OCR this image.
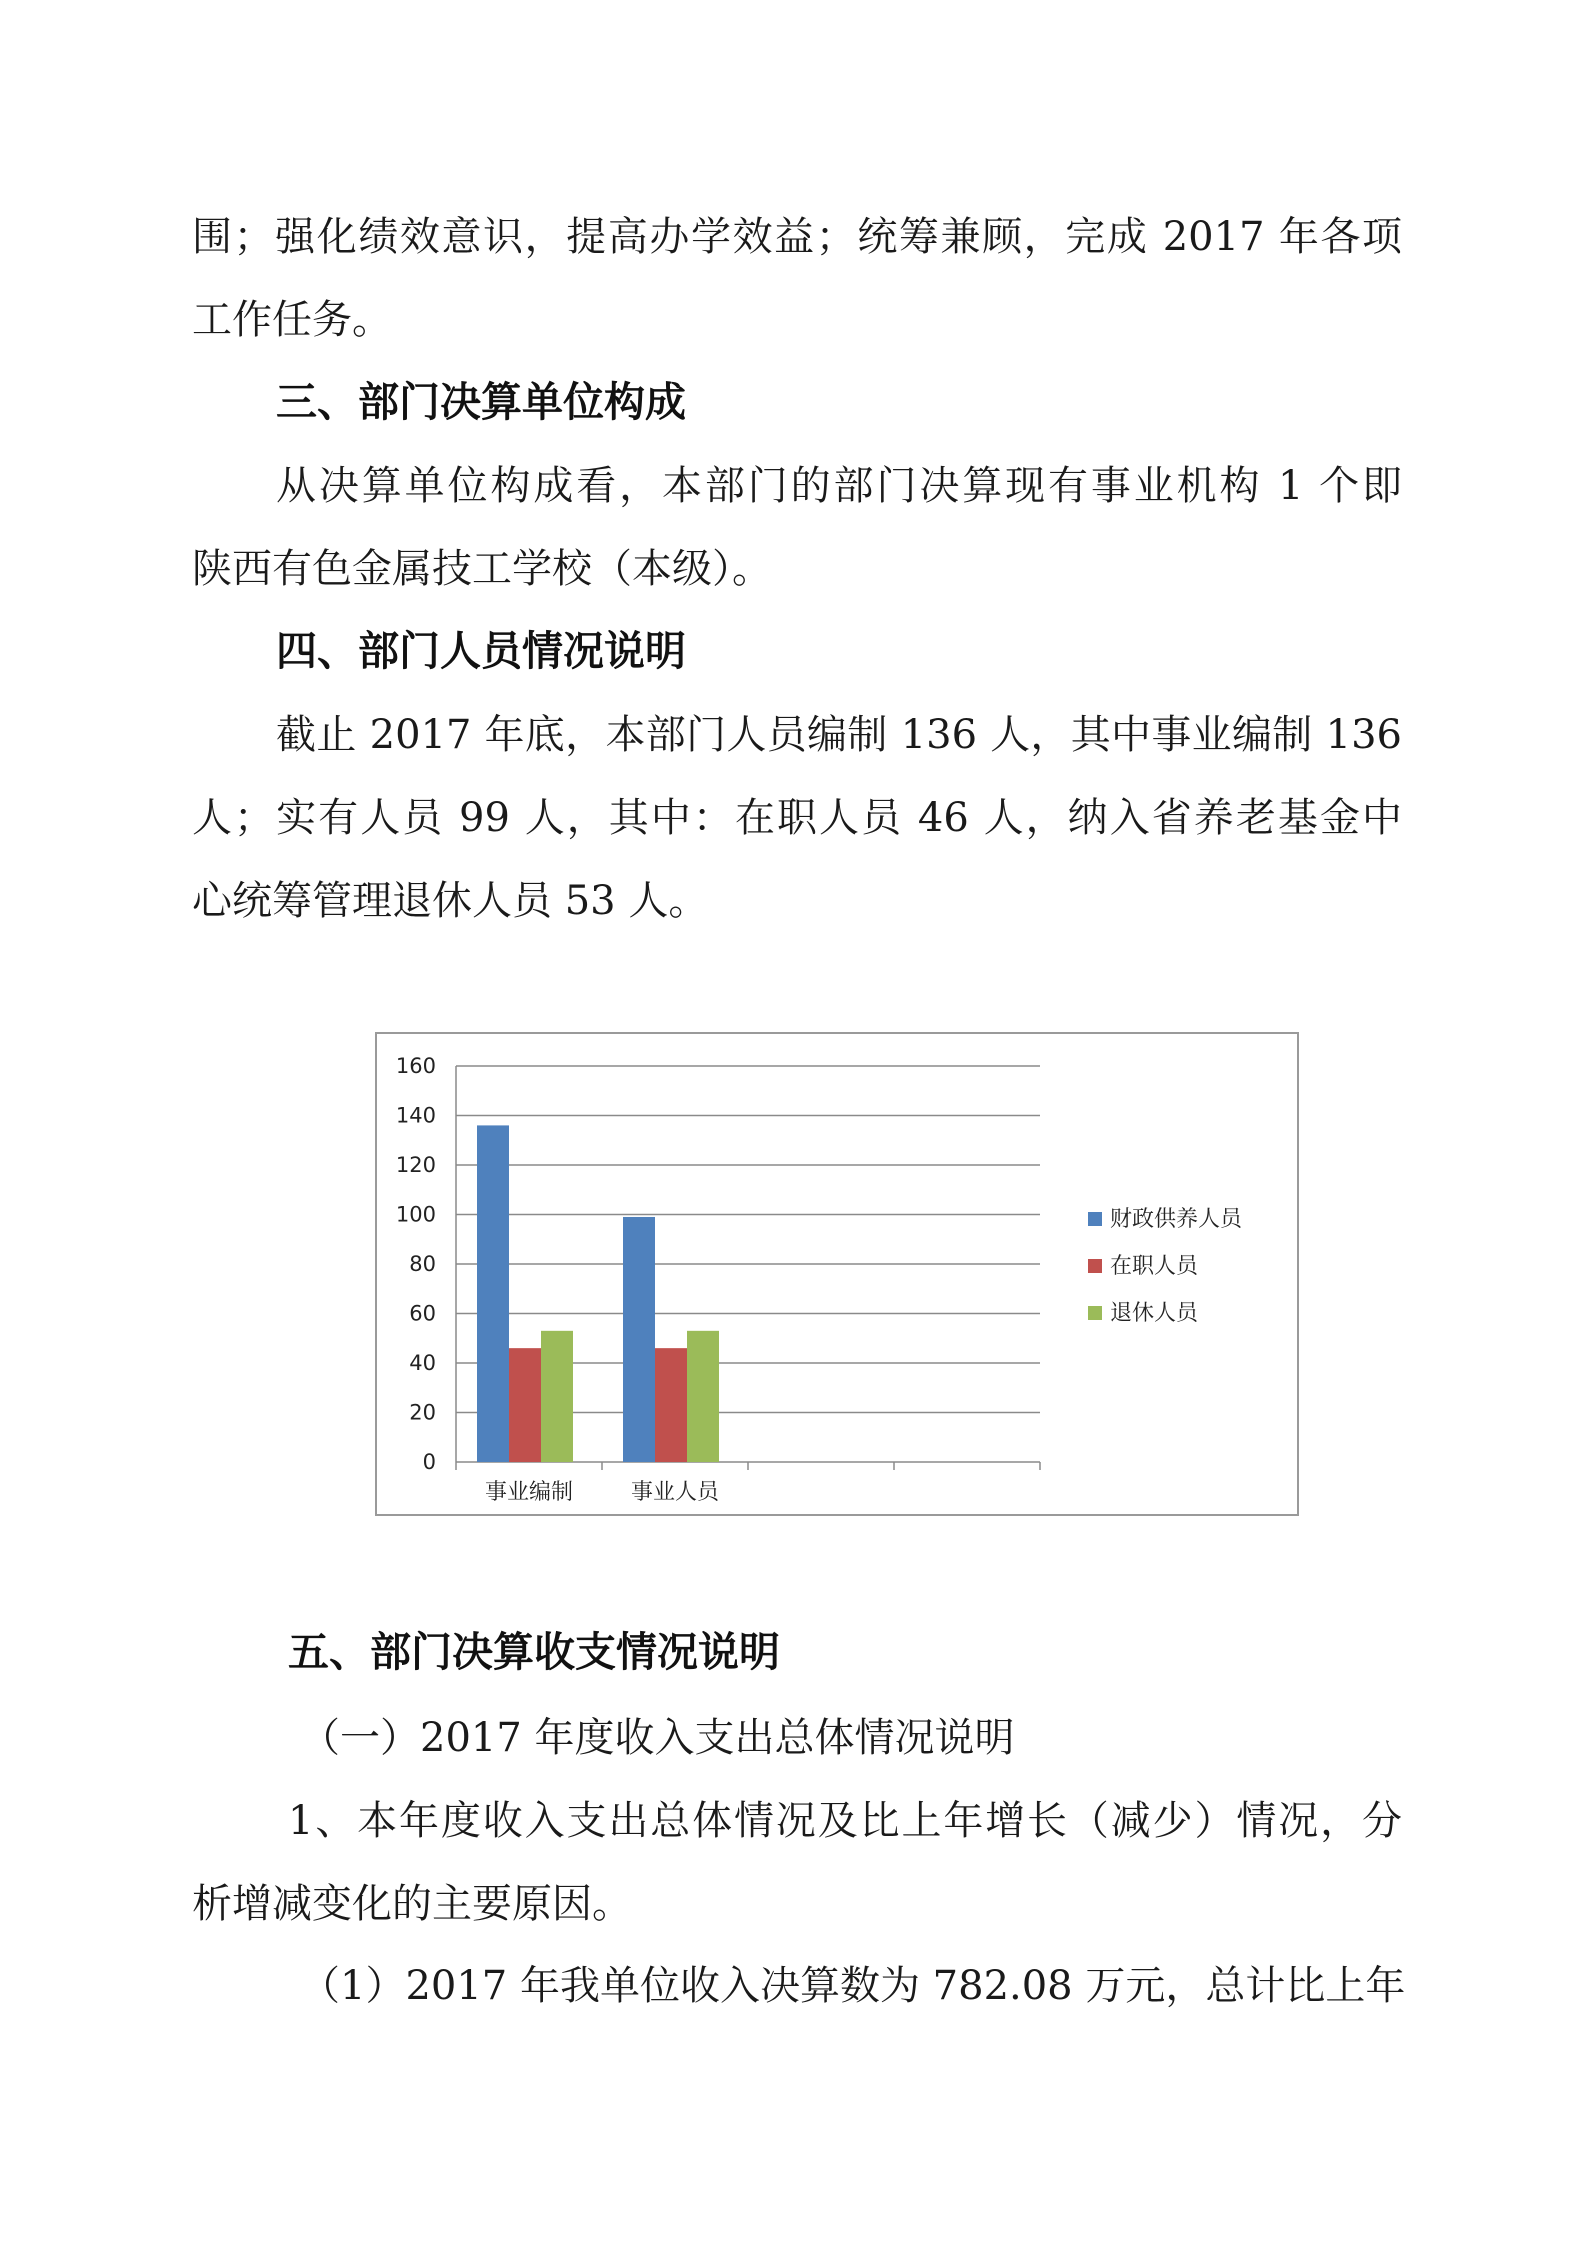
围；强化绩效意识，提高办学效益；统筹兼顾，完成 2017 年各项
工作任务。
三、部门决算单位构成
从决算单位构成看，本部门的部门决算现有事业机构 1 个即
陕西有色金属技工学校（本级）。
四、部门人员情况说明
截止 2017 年底，本部门人员编制 136 人，其中事业编制 136
人；实有人员 99 人，其中：在职人员 46 人，纳入省养老基金中
心统筹管理退休人员 53 人。
0
20
40
60
80
100
120
140
160
事业编制	事业人员
财政供养人员
在职人员
退休人员
五、部门决算收支情况说明
（一）2017 年度收入支出总体情况说明
1、本年度收入支出总体情况及比上年增长（减少）情况，分
析增减变化的主要原因。
（1）2017 年我单位收入决算数为 782.08 万元，总计比上年
